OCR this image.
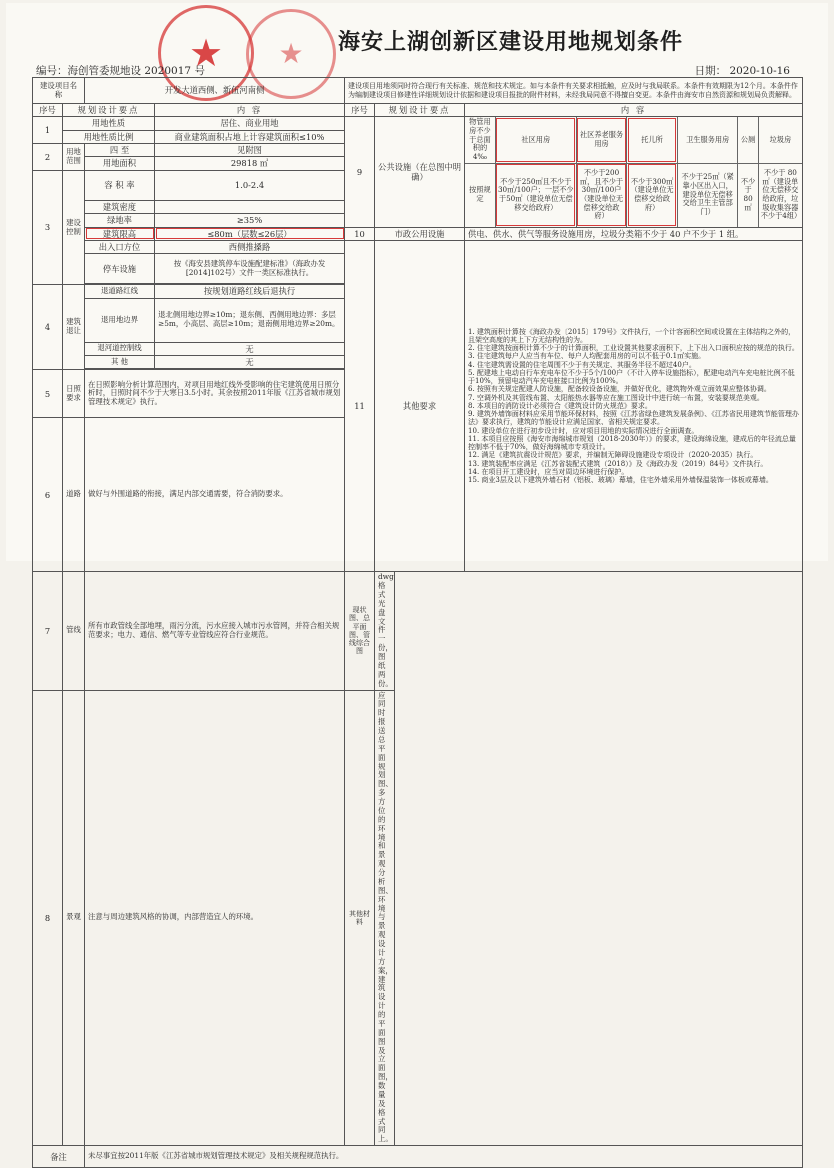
★ ★ 海安上湖创新区建设用地规划条件
编号：海创管委规地设 2020017 号	日期： 2020-10-16
建设项目名 称	开发大道西侧、新伍河南侧	建设项目用地须同时符合现行有关标准、规范和技术规定。如与本条件有关要求相抵触，应及时与我局联系。本条件有效期限为12个月。本条件作为编制建设项目修建性详细规划设计依据和建设项目报批的附件材料，未经我局同意不得擅自变更。本条件由海安市自然资源和规划局负责解释。
序号	规划设计要点	内 容	序号	规划设计要点	内 容
1	用地性质	居住、商业用地	9	公共设施（在总图中明确）	
物管用房不少于总面积的4‰	社区用房	社区养老服务用房	托儿所	卫生服务用房	公厕	垃圾房
按照规定	不少于250㎡且不少于30㎡/100户；一层不少于50㎡（建设单位无偿移交给政府）	不少于200㎡，且不少于30㎡/100户（建设单位无偿移交给政府）	不少于300㎡（建设单位无偿移交给政府）	不少于25㎡（紧靠小区出入口，建设单位无偿移交给卫生主管部门）	不少于80㎡	不少于 80㎡（建设单位无偿移交给政府，垃圾收集容器不少于4组）

用地性质比例	商业建筑面积占地上计容建筑面积≤10%
2	用地范围	四 至	见附图
用地面积	29818 ㎡
3	建设控制	容 积 率	1.0-2.4
建筑密度	
绿地率	≥35%
建筑限高	≤80m（层数≤26层）	10	市政公用设施	供电、供水、供气等服务设施用房，垃圾分类箱不少于 40 户不少于 1 组。
出入口方位	西侧推搡路	11	其他要求	
1. 建筑面积计算按《海政办发〔2015〕179号》文件执行，一个计容面积空间或设置在主体结构之外的，且架空高度的其上下方无结构性的为。
2. 住宅建筑按面积计算不少于的计算面积，工业设置其他要求面积下，上下出入口面积应按的规范的执行。
3. 住宅建筑每户人应当有车位、每户人均配套用房的可以不低于0.1㎡实施。
4. 住宅建筑需设置的住宅周围不少于有关规定、其服务半径不超过40户。
5. 配建地上电动自行车充电车位不少于5个/100户（不计入停车设施指标），配建电动汽车充电桩比例不低于10%，预留电动汽车充电桩接口比例为100%。
6. 按照有关规定配建人防设施，配备较设备设施，并做好优化，建筑物外观立面效果应整体协调。
7. 空调外机及其管线布置、太阳能热水器等应在施工图设计中进行统一布置，安装要规范美观。
8. 本项目的消防设计必须符合《建筑设计防火规范》要求。
9. 建筑外墙饰面材料应采用节能环保材料，按照《江苏省绿色建筑发展条例》、《江苏省民用建筑节能管理办法》要求执行，建筑的节能设计应满足国家、省相关规定要求。
10. 建设单位在进行初步设计时，应对项目用地的实际情况进行全面调查。
11. 本项目应按照《海安市海绵城市规划（2018-2030年）》的要求，建设海绵设施，建成后的年径流总量控制率不低于70%，做好海绵城市专项设计。
12. 满足《建筑抗震设计规范》要求，并编制无障碍设施建设专项设计（2020-2035）执行。
13. 建筑装配率应满足《江苏省装配式建筑（2018）》及《海政办发（2019）84号》文件执行。
14. 在项目开工建设时，应当对周边环境进行保护。
15. 商业3层及以下建筑外墙石材（铝板、玻璃）幕墙，住宅外墙采用外墙保温装饰一体板或幕墙。

停车设施	按《海安县建筑停车设施配建标准》（海政办发[2014]102号）文件一类区标准执行。

4	建筑退让	退道路红线	按规划道路红线后退执行
退用地边界	退北侧用地边界≥10m；退东侧、西侧用地边界：多层≥5m，小高层、高层≥10m；退南侧用地边界≥20m。
退河道控制线	无
其 他	无

5	日照要求	在日照影响分析计算范围内，对项目用地红线外受影响的住宅建筑使用日照分析时，日照时间不少于大寒日3.5小时。其余按照2011年版《江苏省城市规划管理技术规定》执行。
6	道路	做好与外围道路的衔接，满足内部交通需要，符合消防要求。				
7	管线	所有市政管线全部地埋，雨污分流，污水应接入城市污水管网，并符合相关规范要求；电力、通信、燃气等专业管线应符合行业规范。	现状图、总平面图、管线综合图	dwg 格式光盘文件一份，图纸两份。
8	景观	注意与周边建筑风格的协调，内部营造宜人的环境。	其他材料	应同时报送总平面规划图、多方位的环境和景观分析图、环境与景观设计方案，建筑设计的平面图及立面图，数量及格式同上。
备注	未尽事宜按2011年版《江苏省城市规划管理技术规定》及相关规程规范执行。
